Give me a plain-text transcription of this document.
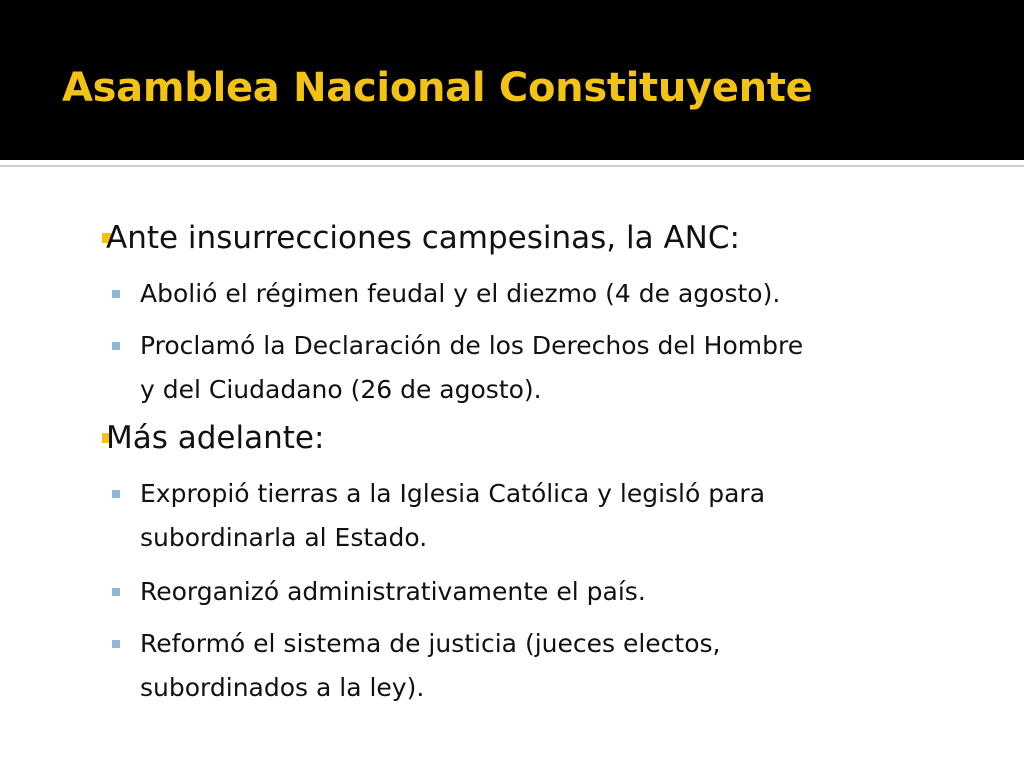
Asamblea Nacional Constituyente
Ante insurrecciones campesinas, la ANC:
Abolió el régimen feudal y el diezmo (4 de agosto).
Proclamó la Declaración de los Derechos del Hombre
y del Ciudadano (26 de agosto).
Más adelante:
Expropió tierras a la Iglesia Católica y legisló para
subordinarla al Estado.
Reorganizó administrativamente el país.
Reformó el sistema de justicia (jueces electos,
subordinados a la ley).
